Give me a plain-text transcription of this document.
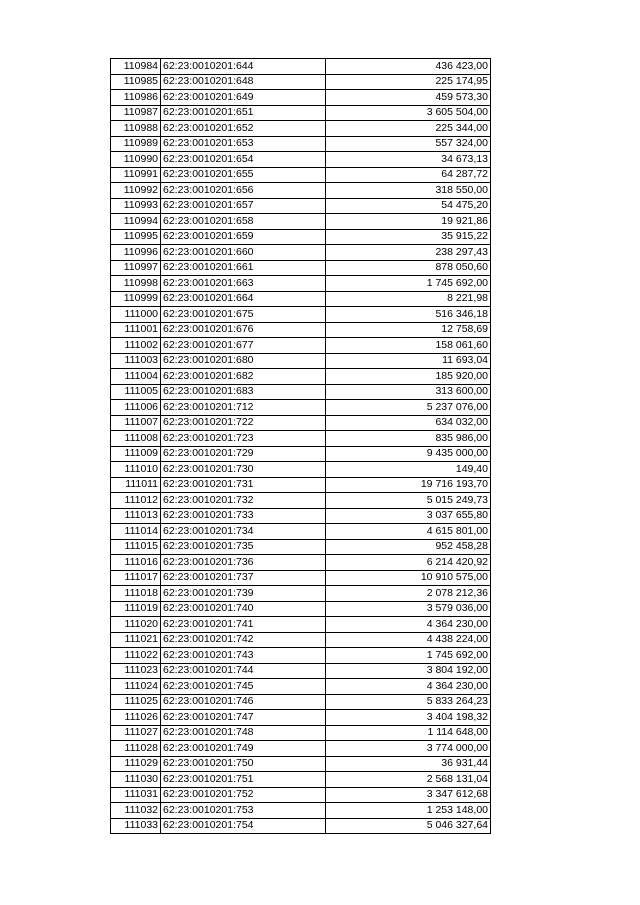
110984	62:23:0010201:644	436 423,00
110985	62:23:0010201:648	225 174,95
110986	62:23:0010201:649	459 573,30
110987	62:23:0010201:651	3 605 504,00
110988	62:23:0010201:652	225 344,00
110989	62:23:0010201:653	557 324,00
110990	62:23:0010201:654	34 673,13
110991	62:23:0010201:655	64 287,72
110992	62:23:0010201:656	318 550,00
110993	62:23:0010201:657	54 475,20
110994	62:23:0010201:658	19 921,86
110995	62:23:0010201:659	35 915,22
110996	62:23:0010201:660	238 297,43
110997	62:23:0010201:661	878 050,60
110998	62:23:0010201:663	1 745 692,00
110999	62:23:0010201:664	8 221,98
111000	62:23:0010201:675	516 346,18
111001	62:23:0010201:676	12 758,69
111002	62:23:0010201:677	158 061,60
111003	62:23:0010201:680	11 693,04
111004	62:23:0010201:682	185 920,00
111005	62:23:0010201:683	313 600,00
111006	62:23:0010201:712	5 237 076,00
111007	62:23:0010201:722	634 032,00
111008	62:23:0010201:723	835 986,00
111009	62:23:0010201:729	9 435 000,00
111010	62:23:0010201:730	149,40
111011	62:23:0010201:731	19 716 193,70
111012	62:23:0010201:732	5 015 249,73
111013	62:23:0010201:733	3 037 655,80
111014	62:23:0010201:734	4 615 801,00
111015	62:23:0010201:735	952 458,28
111016	62:23:0010201:736	6 214 420,92
111017	62:23:0010201:737	10 910 575,00
111018	62:23:0010201:739	2 078 212,36
111019	62:23:0010201:740	3 579 036,00
111020	62:23:0010201:741	4 364 230,00
111021	62:23:0010201:742	4 438 224,00
111022	62:23:0010201:743	1 745 692,00
111023	62:23:0010201:744	3 804 192,00
111024	62:23:0010201:745	4 364 230,00
111025	62:23:0010201:746	5 833 264,23
111026	62:23:0010201:747	3 404 198,32
111027	62:23:0010201:748	1 114 648,00
111028	62:23:0010201:749	3 774 000,00
111029	62:23:0010201:750	36 931,44
111030	62:23:0010201:751	2 568 131,04
111031	62:23:0010201:752	3 347 612,68
111032	62:23:0010201:753	1 253 148,00
111033	62:23:0010201:754	5 046 327,64
